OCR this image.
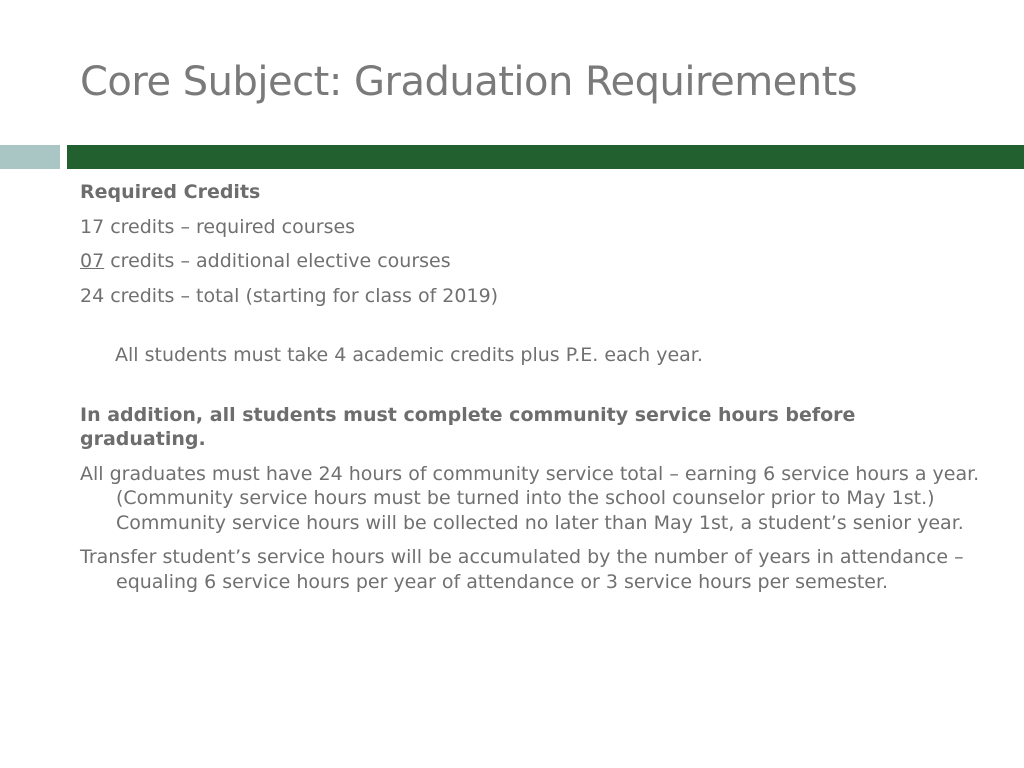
Core Subject: Graduation Requirements

Required Credits

17 credits – required courses

07 credits – additional elective courses

24 credits – total (starting for class of 2019)

All students must take 4 academic credits plus P.E. each year.

In addition, all students must complete community service hours before graduating.

All graduates must have 24 hours of community service total – earning 6 service hours a year. (Community service hours must be turned into the school counselor prior to May 1st.) Community service hours will be collected no later than May 1st, a student’s senior year.

Transfer student’s service hours will be accumulated by the number of years in attendance – equaling 6 service hours per year of attendance or 3 service hours per semester.
